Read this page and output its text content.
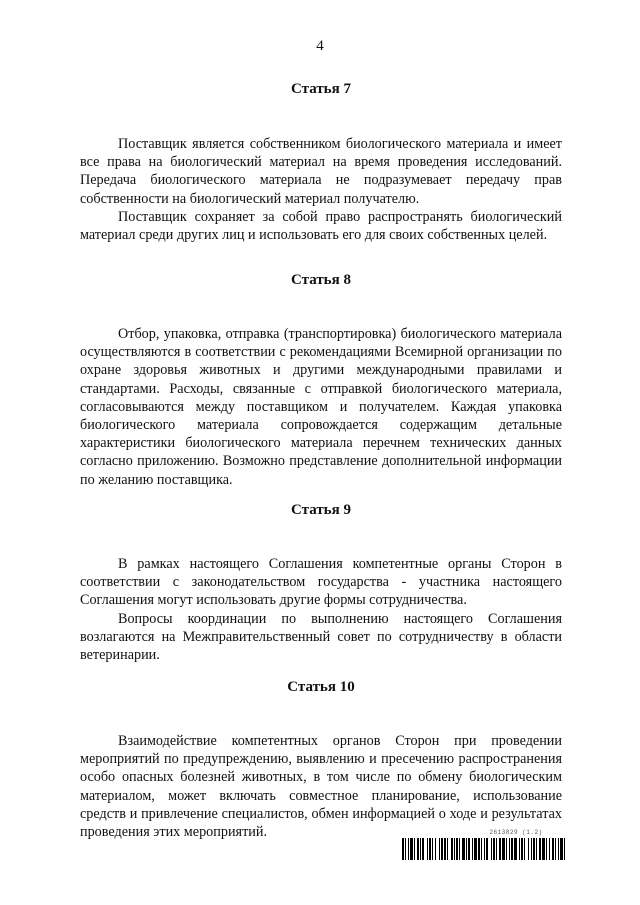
4
Статья 7

Поставщик является собственником биологического материала и имеет все права на биологический материал на время проведения исследований. Передача биологического материала не подразумевает передачу прав собственности на биологический материал получателю.

Поставщик сохраняет за собой право распространять биологический материал среди других лиц и использовать его для своих собственных целей.

Статья 8

Отбор, упаковка, отправка (транспортировка) биологического материала осуществляются в соответствии с рекомендациями Всемирной организации по охране здоровья животных и другими международными правилами и стандартами. Расходы, связанные с отправкой биологического материала, согласовываются между поставщиком и получателем. Каждая упаковка биологического материала сопровождается содержащим детальные характеристики биологического материала перечнем технических данных согласно приложению. Возможно представление дополнительной информации по желанию поставщика.

Статья 9

В рамках настоящего Соглашения компетентные органы Сторон в соответствии с законодательством государства - участника настоящего Соглашения могут использовать другие формы сотрудничества.

Вопросы координации по выполнению настоящего Соглашения возлагаются на Межправительственный совет по сотрудничеству в области ветеринарии.

Статья 10

Взаимодействие компетентных органов Сторон при проведении мероприятий по предупреждению, выявлению и пресечению распространения особо опасных болезней животных, в том числе по обмену биологическим материалом, может включать совместное планирование, использование средств и привлечение специалистов, обмен информацией о ходе и результатах проведения этих мероприятий.	2613829 (1.2)
